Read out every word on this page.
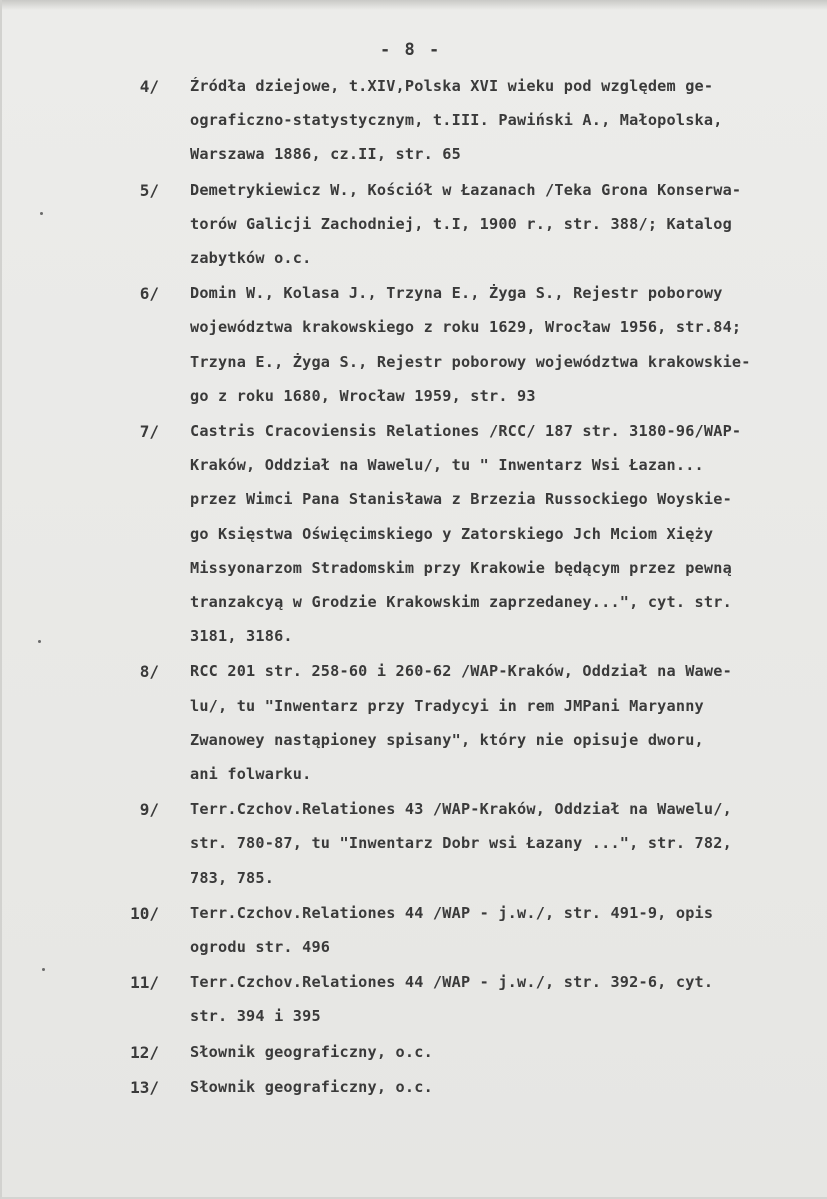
- 8 -
4/ Źródła dziejowe, t.XIV,Polska XVI wieku pod względem ge-
ograficzno-statystycznym, t.III. Pawiński A., Małopolska,
Warszawa 1886, cz.II, str. 65
5/ Demetrykiewicz W., Kościół w Łazanach /Teka Grona Konserwa-
torów Galicji Zachodniej, t.I, 1900 r., str. 388/; Katalog
zabytków o.c.
6/ Domin W., Kolasa J., Trzyna E., Żyga S., Rejestr poborowy
województwa krakowskiego z roku 1629, Wrocław 1956, str.84;
Trzyna E., Żyga S., Rejestr poborowy województwa krakowskie-
go z roku 1680, Wrocław 1959, str. 93
7/ Castris Cracoviensis Relationes /RCC/ 187 str. 3180-96/WAP-
Kraków, Oddział na Wawelu/, tu " Inwentarz Wsi Łazan...
przez Wimci Pana Stanisława z Brzezia Russockiego Woyskie-
go Księstwa Oświęcimskiego y Zatorskiego Jch Mciom Xięży
Missyonarzom Stradomskim przy Krakowie będącym przez pewną
tranzakcyą w Grodzie Krakowskim zaprzedaney...", cyt. str.
3181, 3186.
8/ RCC 201 str. 258-60 i 260-62 /WAP-Kraków, Oddział na Wawe-
lu/, tu "Inwentarz przy Tradycyi in rem JMPani Maryanny
Zwanowey nastąpioney spisany", który nie opisuje dworu,
ani folwarku.
9/ Terr.Czchov.Relationes 43 /WAP-Kraków, Oddział na Wawelu/,
str. 780-87, tu "Inwentarz Dobr wsi Łazany ...", str. 782,
783, 785.
10/ Terr.Czchov.Relationes 44 /WAP - j.w./, str. 491-9, opis
ogrodu str. 496
11/ Terr.Czchov.Relationes 44 /WAP - j.w./, str. 392-6, cyt.
str. 394 i 395
12/ Słownik geograficzny, o.c.
13/ Słownik geograficzny, o.c.
